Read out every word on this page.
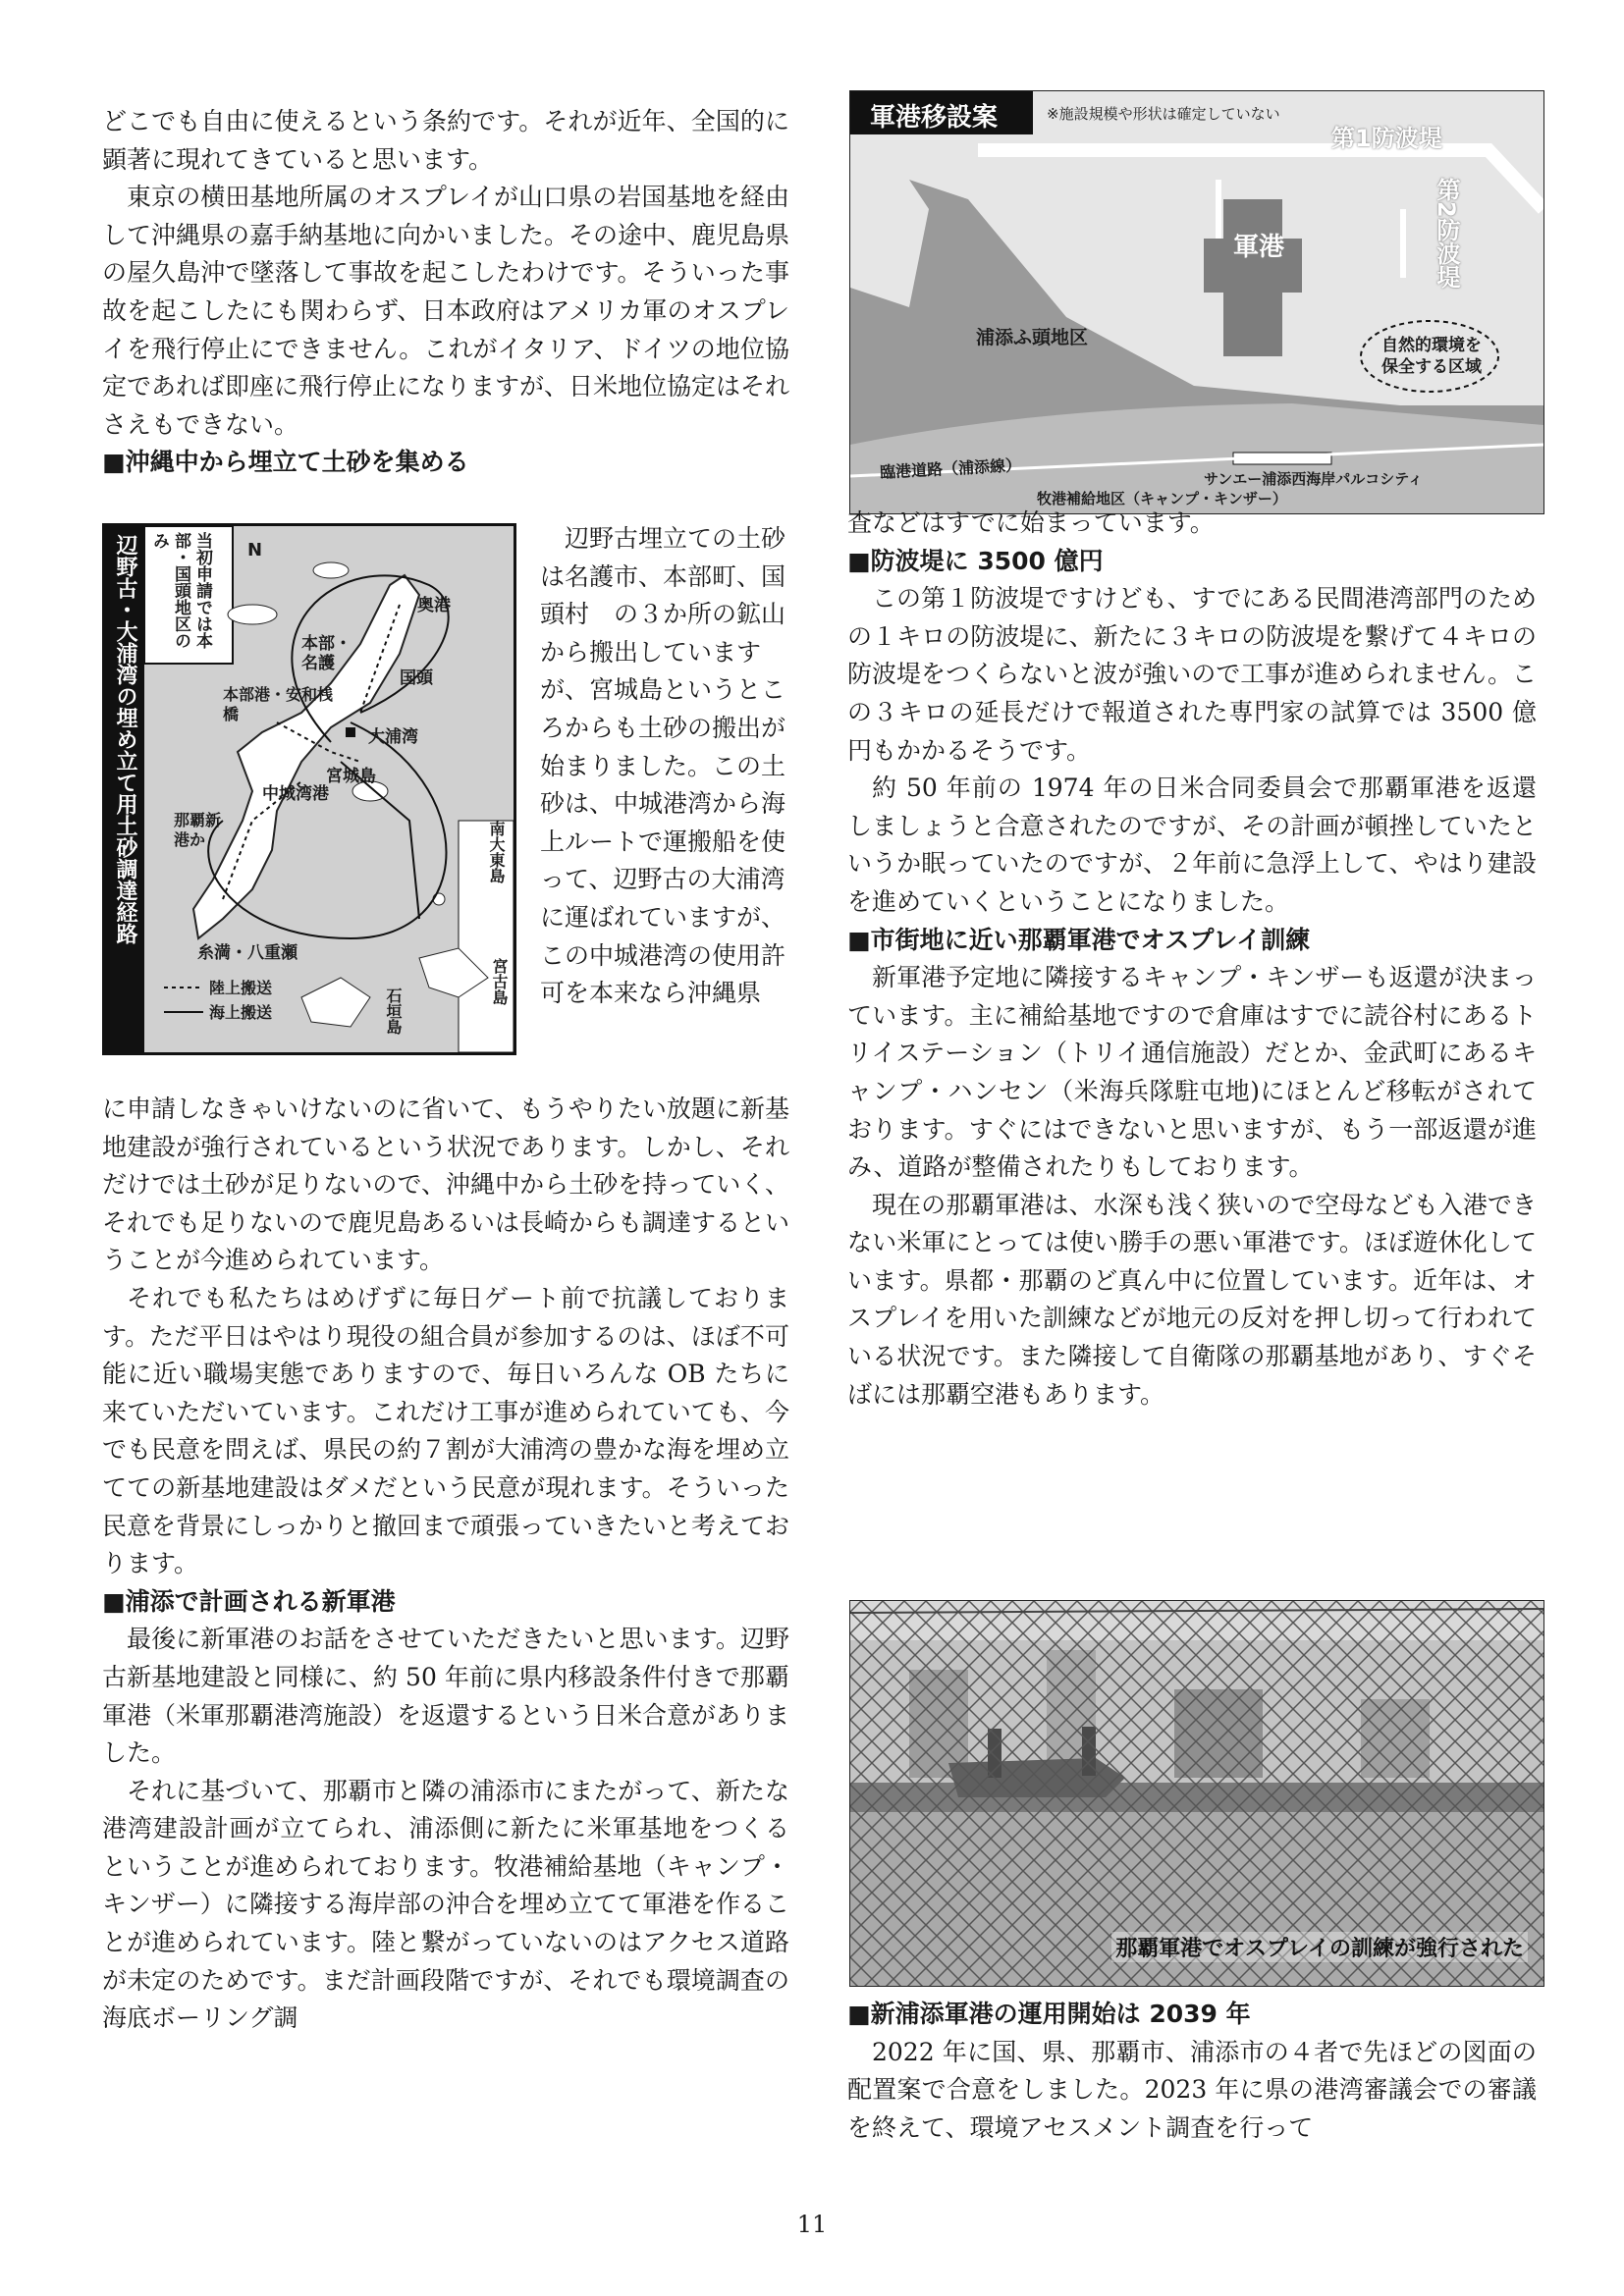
どこでも自由に使えるという条約です。それが近年、全国的に顕著に現れてきていると思います。

東京の横田基地所属のオスプレイが山口県の岩国基地を経由して沖縄県の嘉手納基地に向かいました。その途中、鹿児島県の屋久島沖で墜落して事故を起こしたわけです。そういった事故を起こしたにも関わらず、日本政府はアメリカ軍のオスプレイを飛行停止にできません。これがイタリア、ドイツの地位協定であれば即座に飛行停止になりますが、日米地位協定はそれさえもできない。

■沖縄中から埋立て土砂を集める
辺野古・大浦湾の埋め立て用土砂調達経路	当初申請では本部・国頭地区のみ	N
奥港
本部・名護
国頭
本部港・安和桟橋
大浦湾
宮城島
中城湾港
那覇新港か
糸満・八重瀬
南大東島
宮古島
石垣島
陸上搬送
海上搬送

辺野古埋立ての土砂は名護市、本部町、国頭村　の３か所の鉱山から搬出していますが、宮城島というところからも土砂の搬出が始まりました。この土砂は、中城港湾から海上ルートで運搬船を使って、辺野古の大浦湾に運ばれていますが、この中城港湾の使用許可を本来なら沖縄県

に申請しなきゃいけないのに省いて、もうやりたい放題に新基地建設が強行されているという状況であります。しかし、それだけでは土砂が足りないので、沖縄中から土砂を持っていく、それでも足りないので鹿児島あるいは長崎からも調達するということが今進められています。

それでも私たちはめげずに毎日ゲート前で抗議しております。ただ平日はやはり現役の組合員が参加するのは、ほぼ不可能に近い職場実態でありますので、毎日いろんな OB たちに来ていただいています。これだけ工事が進められていても、今でも民意を問えば、県民の約７割が大浦湾の豊かな海を埋め立てての新基地建設はダメだという民意が現れます。そういった民意を背景にしっかりと撤回まで頑張っていきたいと考えております。

■浦添で計画される新軍港

最後に新軍港のお話をさせていただきたいと思います。辺野古新基地建設と同様に、約 50 年前に県内移設条件付きで那覇軍港（米軍那覇港湾施設）を返還するという日米合意がありました。

それに基づいて、那覇市と隣の浦添市にまたがって、新たな港湾建設計画が立てられ、浦添側に新たに米軍基地をつくるということが進められております。牧港補給基地（キャンプ・キンザー）に隣接する海岸部の沖合を埋め立てて軍港を作ることが進められています。陸と繋がっていないのはアクセス道路が未定のためです。まだ計画段階ですが、それでも環境調査の海底ボーリング調

軍港移設案	※施設規模や形状は確定していない
第1防波堤
第2防波堤
軍港
浦添ふ頭地区	自然的環境を保全する区域
臨港道路（浦添線）	サンエー浦添西海岸パルコシティ
牧港補給地区（キャンプ・キンザー）

査などはすでに始まっています。

■防波堤に 3500 億円

この第１防波堤ですけども、すでにある民間港湾部門のための１キロの防波堤に、新たに３キロの防波堤を繋げて４キロの防波堤をつくらないと波が強いので工事が進められません。この３キロの延長だけで報道された専門家の試算では 3500 億円もかかるそうです。

約 50 年前の 1974 年の日米合同委員会で那覇軍港を返還しましょうと合意されたのですが、その計画が頓挫していたというか眠っていたのですが、２年前に急浮上して、やはり建設を進めていくということになりました。

■市街地に近い那覇軍港でオスプレイ訓練

新軍港予定地に隣接するキャンプ・キンザーも返還が決まっています。主に補給基地ですので倉庫はすでに読谷村にあるトリイステーション（トリイ通信施設）だとか、金武町にあるキャンプ・ハンセン（米海兵隊駐屯地)にほとんど移転がされております。すぐにはできないと思いますが、もう一部返還が進み、道路が整備されたりもしております。

現在の那覇軍港は、水深も浅く狭いので空母なども入港できない米軍にとっては使い勝手の悪い軍港です。ほぼ遊休化しています。県都・那覇のど真ん中に位置しています。近年は、オスプレイを用いた訓練などが地元の反対を押し切って行われている状況です。また隣接して自衛隊の那覇基地があり、すぐそばには那覇空港もあります。

那覇軍港でオスプレイの訓練が強行された
■新浦添軍港の運用開始は 2039 年

2022 年に国、県、那覇市、浦添市の４者で先ほどの図面の配置案で合意をしました。2023 年に県の港湾審議会での審議を終えて、環境アセスメント調査を行って

11
